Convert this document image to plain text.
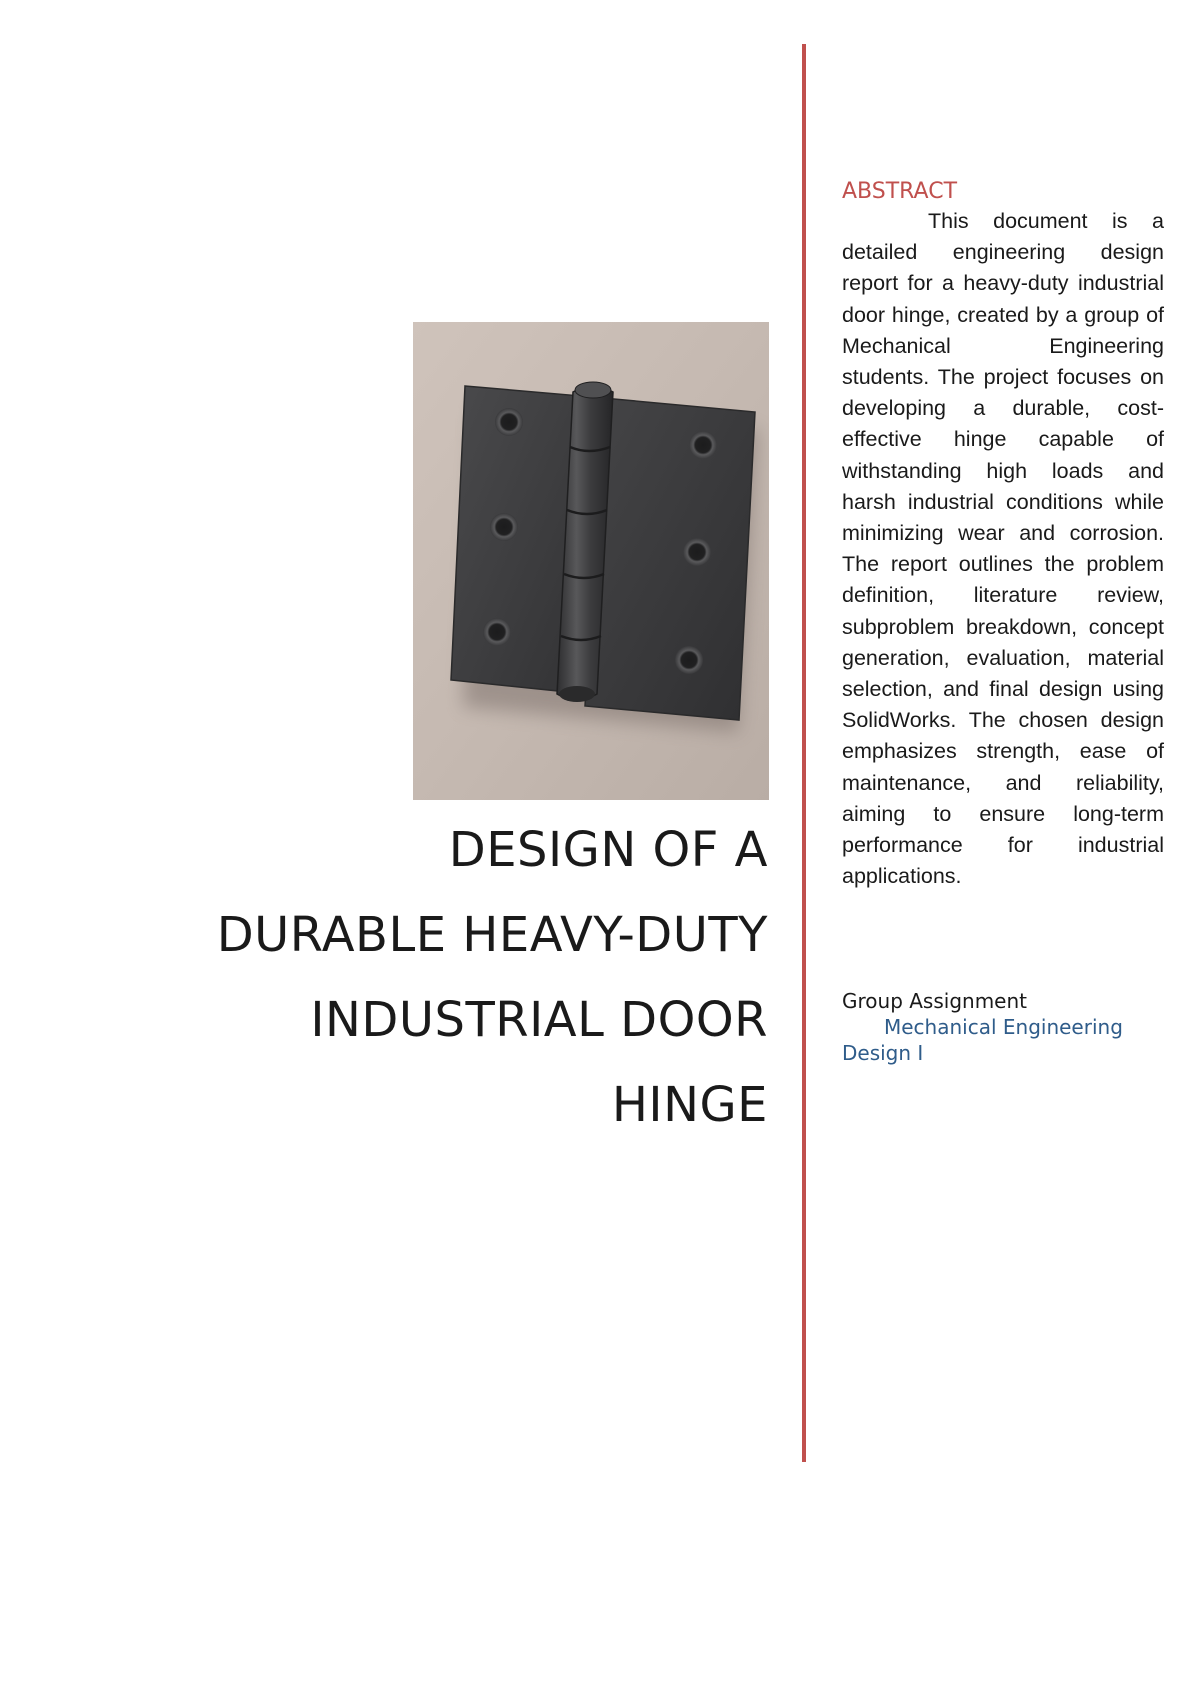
DESIGN OF A
DURABLE HEAVY-DUTY
INDUSTRIAL DOOR
HINGE
ABSTRACT

This document is a detailed engineering design report for a heavy-duty industrial door hinge, created by a group of Mechanical Engineering students. The project focuses on developing a durable, cost-effective hinge capable of withstanding high loads and harsh industrial conditions while minimizing wear and corrosion. The report outlines the problem definition, literature review, subproblem breakdown, concept generation, evaluation, material selection, and final design using SolidWorks. The chosen design emphasizes strength, ease of maintenance, and reliability, aiming to ensure long-term performance for industrial applications.

Group Assignment

Mechanical Engineering Design I
